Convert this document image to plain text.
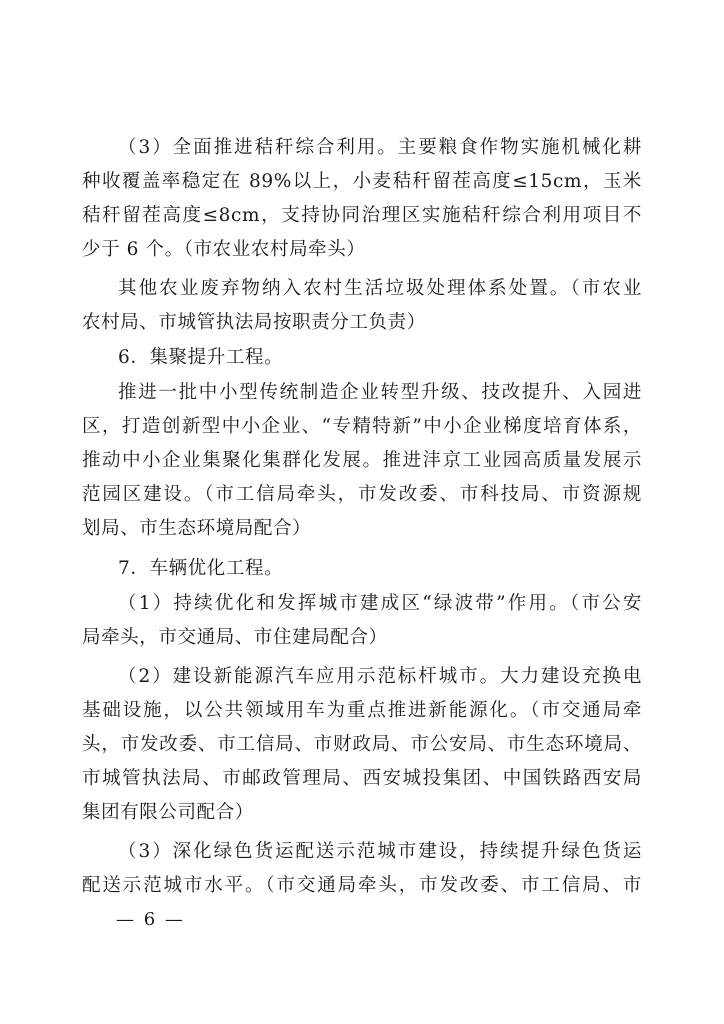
（3）全面推进秸秆综合利用。主要粮食作物实施机械化耕
种收覆盖率稳定在 89%以上，小麦秸秆留茬高度≤15cm，玉米
秸秆留茬高度≤8cm，支持协同治理区实施秸秆综合利用项目不
少于 6 个。（市农业农村局牵头）
其他农业废弃物纳入农村生活垃圾处理体系处置。（市农业
农村局、市城管执法局按职责分工负责）
6．集聚提升工程。
推进一批中小型传统制造企业转型升级、技改提升、入园进
区，打造创新型中小企业、“专精特新”中小企业梯度培育体系，
推动中小企业集聚化集群化发展。推进沣京工业园高质量发展示
范园区建设。（市工信局牵头，市发改委、市科技局、市资源规
划局、市生态环境局配合）
7．车辆优化工程。
（1）持续优化和发挥城市建成区“绿波带”作用。（市公安
局牵头，市交通局、市住建局配合）
（2）建设新能源汽车应用示范标杆城市。大力建设充换电
基础设施，以公共领域用车为重点推进新能源化。（市交通局牵
头，市发改委、市工信局、市财政局、市公安局、市生态环境局、
市城管执法局、市邮政管理局、西安城投集团、中国铁路西安局
集团有限公司配合）
（3）深化绿色货运配送示范城市建设，持续提升绿色货运
配送示范城市水平。（市交通局牵头，市发改委、市工信局、市
— 6 —
